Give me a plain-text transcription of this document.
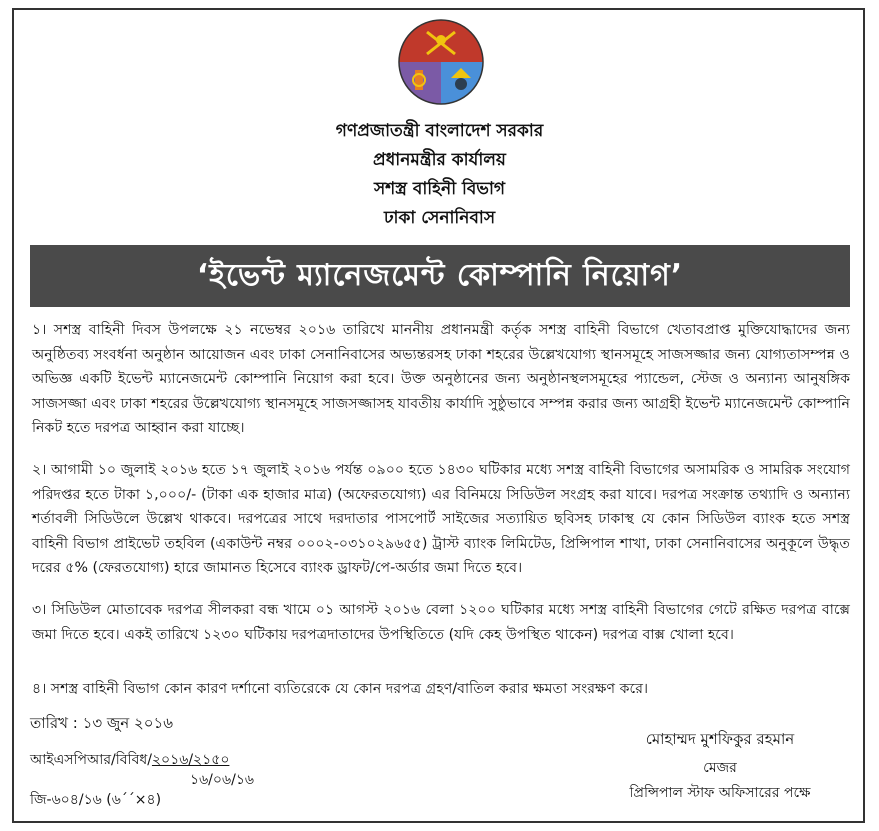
গণপ্রজাতন্ত্রী বাংলাদেশ সরকার
প্রধানমন্ত্রীর কার্যালয়
সশস্ত্র বাহিনী বিভাগ
ঢাকা সেনানিবাস
‘ইভেন্ট ম্যানেজমেন্ট কোম্পানি নিয়োগ’
১। সশস্ত্র বাহিনী দিবস উপলক্ষে ২১ নভেম্বর ২০১৬ তারিখে মাননীয় প্রধানমন্ত্রী কর্তৃক সশস্ত্র বাহিনী বিভাগে খেতাবপ্রাপ্ত মুক্তিযোদ্ধাদের জন্য অনুষ্ঠিতব্য সংবর্ধনা অনুষ্ঠান আয়োজন এবং ঢাকা সেনানিবাসের অভ্যন্তরসহ ঢাকা শহরের উল্লেখযোগ্য স্থানসমূহে সাজসজ্জার জন্য যোগ্যতাসম্পন্ন ও অভিজ্ঞ একটি ইভেন্ট ম্যানেজমেন্ট কোম্পানি নিয়োগ করা হবে। উক্ত অনুষ্ঠানের জন্য অনুষ্ঠানস্থলসমূহের প্যান্ডেল, স্টেজ ও অন্যান্য আনুষঙ্গিক সাজসজ্জা এবং ঢাকা শহরের উল্লেখযোগ্য স্থানসমূহে সাজসজ্জাসহ যাবতীয় কার্যাদি সুষ্ঠুভাবে সম্পন্ন করার জন্য আগ্রহী ইভেন্ট ম্যানেজমেন্ট কোম্পানি নিকট হতে দরপত্র আহ্বান করা যাচ্ছে।
২। আগামী ১০ জুলাই ২০১৬ হতে ১৭ জুলাই ২০১৬ পর্যন্ত ০৯০০ হতে ১৪৩০ ঘটিকার মধ্যে সশস্ত্র বাহিনী বিভাগের অসামরিক ও সামরিক সংযোগ পরিদপ্তর হতে টাকা ১,০০০/- (টাকা এক হাজার মাত্র) (অফেরতযোগ্য) এর বিনিময়ে সিডিউল সংগ্রহ করা যাবে। দরপত্র সংক্রান্ত তথ্যাদি ও অন্যান্য শর্তাবলী সিডিউলে উল্লেখ থাকবে। দরপত্রের সাথে দরদাতার পাসপোর্ট সাইজের সত্যায়িত ছবিসহ ঢাকাস্থ যে কোন সিডিউল ব্যাংক হতে সশস্ত্র বাহিনী বিভাগ প্রাইভেট তহবিল (একাউন্ট নম্বর ০০০২-০৩১০২৯৬৫৫) ট্রাস্ট ব্যাংক লিমিটেড, প্রিন্সিপাল শাখা, ঢাকা সেনানিবাসের অনুকূলে উদ্ধৃত দরের ৫% (ফেরতযোগ্য) হারে জামানত হিসেবে ব্যাংক ড্রাফট/পে-অর্ডার জমা দিতে হবে।
৩। সিডিউল মোতাবেক দরপত্র সীলকরা বন্ধ খামে ০১ আগস্ট ২০১৬ বেলা ১২০০ ঘটিকার মধ্যে সশস্ত্র বাহিনী বিভাগের গেটে রক্ষিত দরপত্র বাক্সে জমা দিতে হবে। একই তারিখে ১২৩০ ঘটিকায় দরপত্রদাতাদের উপস্থিতিতে (যদি কেহ উপস্থিত থাকেন) দরপত্র বাক্স খোলা হবে।
৪। সশস্ত্র বাহিনী বিভাগ কোন কারণ দর্শানো ব্যতিরেকে যে কোন দরপত্র গ্রহণ/বাতিল করার ক্ষমতা সংরক্ষণ করে।
তারিখ : ১৩ জুন ২০১৬
আইএসপিআর/বিবিধ/২০১৬/২১৫০
১৬/০৬/১৬
জি-৬০৪/১৬ (৬´´×৪)
মোহাম্মদ মুশফিকুর রহমান
মেজর
প্রিন্সিপাল স্টাফ অফিসারের পক্ষে
